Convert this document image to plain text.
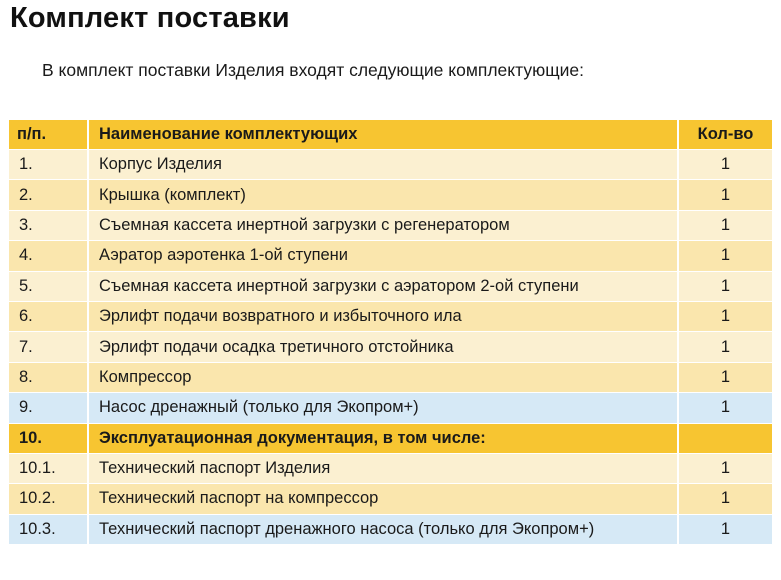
Комплект поставки
В комплект поставки Изделия входят следующие комплектующие:
п/п.	Наименование комплектующих	Кол-во
1.	Корпус Изделия	1
2.	Крышка (комплект)	1
3.	Съемная кассета инертной загрузки с регенератором	1
4.	Аэратор аэротенка 1-ой ступени	1
5.	Съемная кассета инертной загрузки с аэратором 2-ой ступени	1
6.	Эрлифт подачи возвратного и избыточного ила	1
7.	Эрлифт подачи осадка третичного отстойника	1
8.	Компрессор	1
9.	Насос дренажный (только для Экопром+)	1
10.	Эксплуатационная документация, в том числе:	
10.1.	Технический паспорт Изделия	1
10.2.	Технический паспорт на компрессор	1
10.3.	Технический паспорт дренажного насоса (только для Экопром+)	1
